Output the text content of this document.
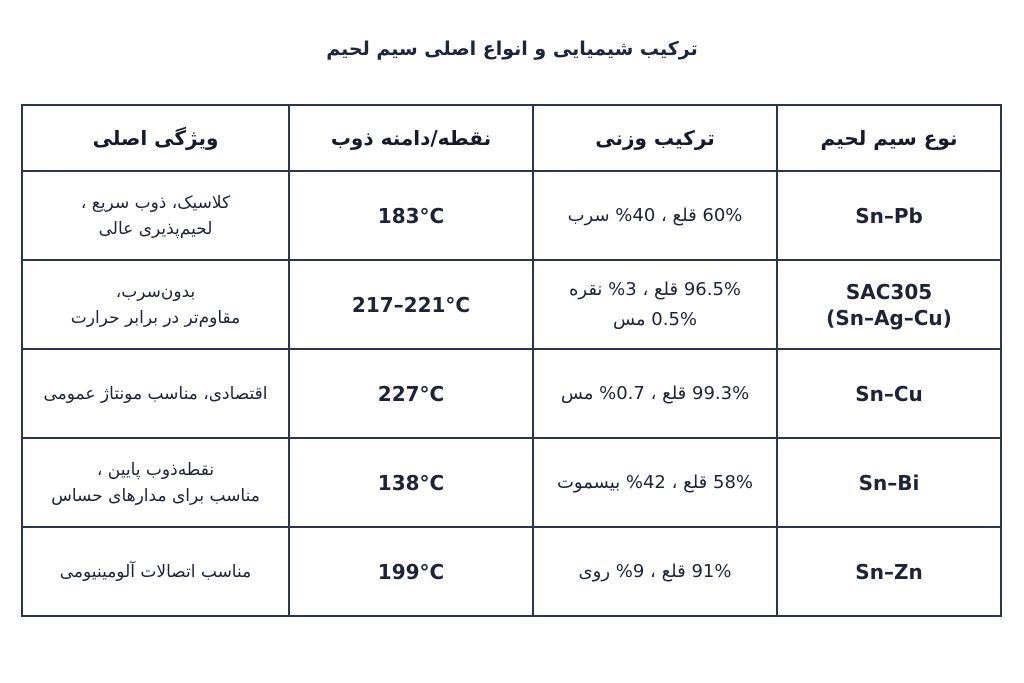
ترکیب شیمیایی و انواع اصلی سیم لحیم
نوع سیم لحیم	ترکیب وزنی	نقطه/دامنه ذوب	ویژگی اصلی

Sn–Pb	60% قلع ، 40% سرب	183°C	کلاسیک، ذوب سریع ،
لحیم‌پذیری عالی

SAC305
(Sn–Ag–Cu)	96.5% قلع ، 3% نقره
0.5% مس	217–221°C	بدون‌سرب،
مقاوم‌تر در برابر حرارت

Sn–Cu	99.3% قلع ، 0.7% مس	227°C	اقتصادی، مناسب مونتاژ عمومی

Sn–Bi	58% قلع ، 42% بیسموت	138°C	نقطه‌ذوب پایین ،
مناسب برای مدارهای حساس

Sn–Zn	91% قلع ، 9% روی	199°C	مناسب اتصالات آلومینیومی
